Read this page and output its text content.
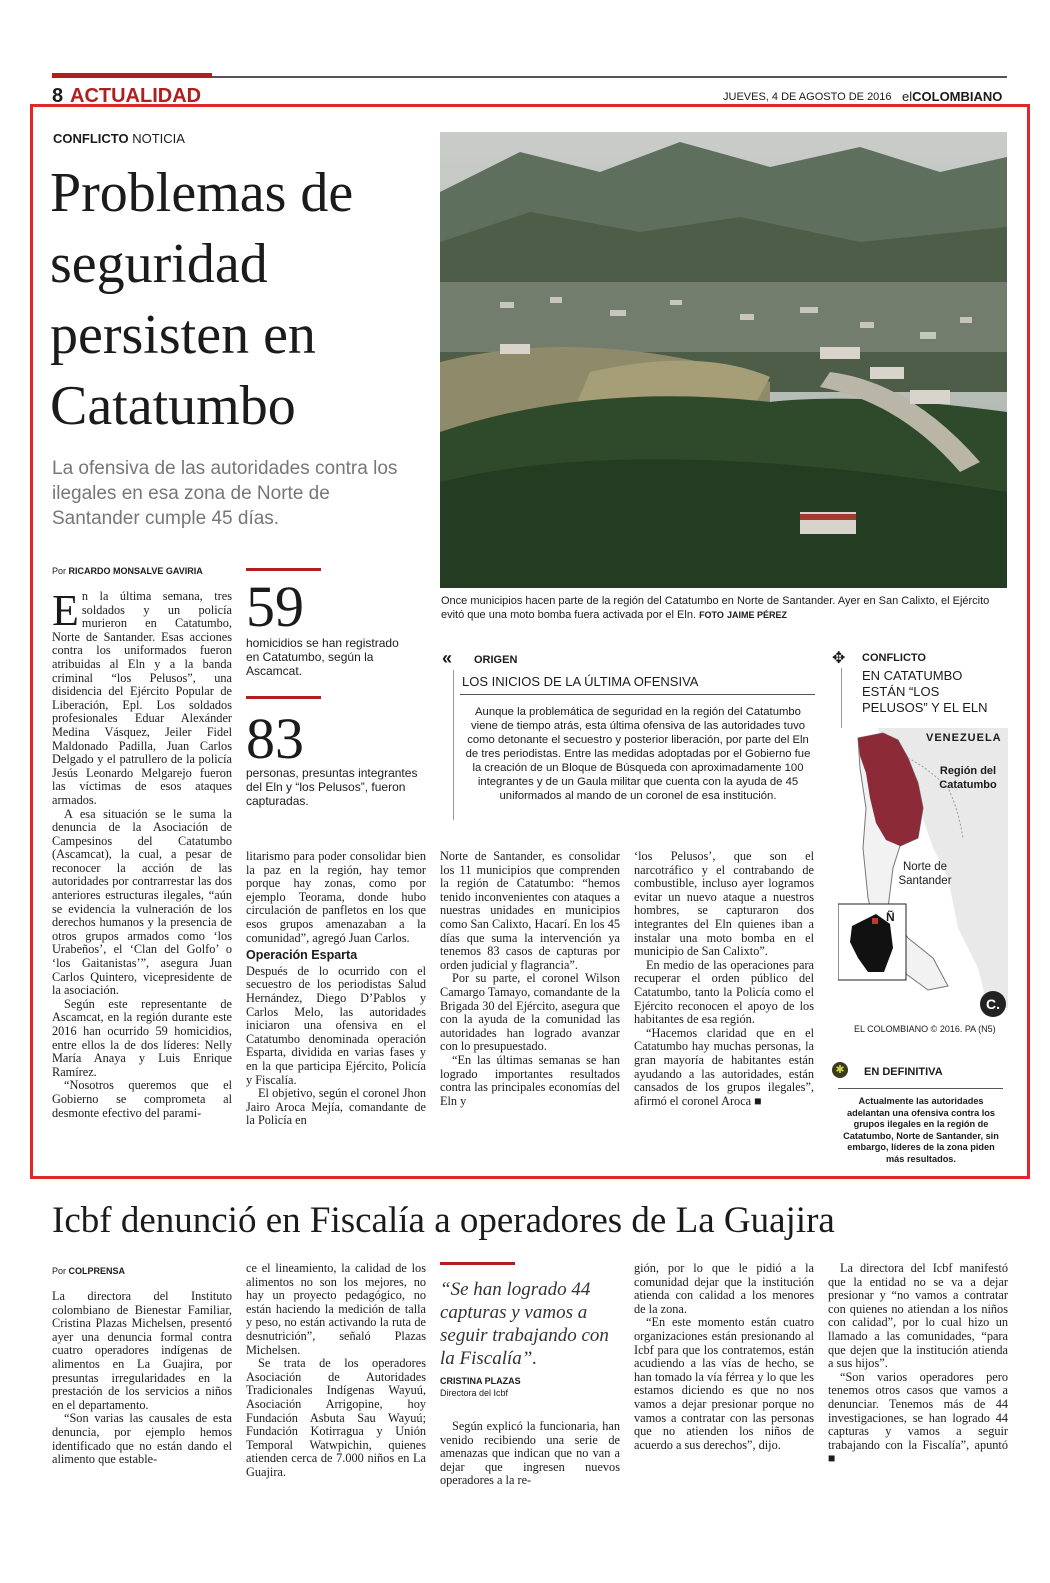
8 ACTUALIDAD	JUEVES, 4 DE AGOSTO DE 2016 elCOLOMBIANO
CONFLICTO NOTICIA
Problemas de seguridad persisten en Catatumbo
La ofensiva de las autoridades contra los ilegales en esa zona de Norte de Santander cumple 45 días.
Por RICARDO MONSALVE GAVIRIA
Once municipios hacen parte de la región del Catatumbo en Norte de Santander. Ayer en San Calixto, el Ejército evitó que una moto bomba fuera activada por el Eln. FOTO JAIME PÉREZ

En la última semana, tres soldados y un policía murieron en Catatumbo, Norte de Santander. Esas acciones contra los uniformados fueron atribuidas al Eln y a la banda criminal “los Pelusos”, una disidencia del Ejército Popular de Liberación, Epl. Los soldados profesionales Eduar Alexánder Medina Vásquez, Jeiler Fidel Maldonado Padilla, Juan Carlos Delgado y el patrullero de la policía Jesús Leonardo Melgarejo fueron las víctimas de esos ataques armados.

A esa situación se le suma la denuncia de la Asociación de Campesinos del Catatumbo (Ascamcat), la cual, a pesar de reconocer la acción de las autoridades por contrarrestar las dos anteriores estructuras ilegales, “aún se evidencia la vulneración de los derechos humanos y la presencia de otros grupos armados como ‘los Urabeños’, el ‘Clan del Golfo’ o ‘los Gaitanistas’”, asegura Juan Carlos Quintero, vicepresidente de la asociación.

Según este representante de Ascamcat, en la región durante este 2016 han ocurrido 59 homicidios, entre ellos la de dos líderes: Nelly María Anaya y Luis Enrique Ramírez.

“Nosotros queremos que el Gobierno se comprometa al desmonte efectivo del parami-

59
homicidios se han registrado en Catatumbo, según la Ascamcat.
83
personas, presuntas integrantes del Eln y “los Pelusos”, fueron capturadas.

litarismo para poder consolidar bien la paz en la región, hay temor porque hay zonas, como por ejemplo Teorama, donde hubo circulación de panfletos en los que esos grupos amenazaban a la comunidad”, agregó Juan Carlos.

Operación Esparta

Después de lo ocurrido con el secuestro de los periodistas Salud Hernández, Diego D’Pablos y Carlos Melo, las autoridades iniciaron una ofensiva en el Catatumbo denominada operación Esparta, dividida en varias fases y en la que participa Ejército, Policía y Fiscalía.

El objetivo, según el coronel Jhon Jairo Aroca Mejía, comandante de la Policía en

Norte de Santander, es consolidar los 11 municipios que comprenden la región de Catatumbo: “hemos tenido inconvenientes con ataques a nuestras unidades en municipios como San Calixto, Hacarí. En los 45 días que suma la intervención ya tenemos 83 casos de capturas por orden judicial y flagrancia”.

Por su parte, el coronel Wilson Camargo Tamayo, comandante de la Brigada 30 del Ejército, asegura que con la ayuda de la comunidad las autoridades han logrado avanzar con lo presupuestado.

“En las últimas semanas se han logrado importantes resultados contra las principales economías del Eln y

‘los Pelusos’, que son el narcotráfico y el contrabando de combustible, incluso ayer logramos evitar un nuevo ataque a nuestros hombres, se capturaron dos integrantes del Eln quienes iban a instalar una moto bomba en el municipio de San Calixto”.

En medio de las operaciones para recuperar el orden público del Catatumbo, tanto la Policía como el Ejército reconocen el apoyo de los habitantes de esa región.

“Hacemos claridad que en el Catatumbo hay muchas personas, la gran mayoría de habitantes están ayudando a las autoridades, están cansados de los grupos ilegales”, afirmó el coronel Aroca ■

« ORIGEN
LOS INICIOS DE LA ÚLTIMA OFENSIVA
Aunque la problemática de seguridad en la región del Catatumbo viene de tiempo atrás, esta última ofensiva de las autoridades tuvo como detonante el secuestro y posterior liberación, por parte del Eln de tres periodistas. Entre las medidas adoptadas por el Gobierno fue la creación de un Bloque de Búsqueda con aproximadamente 100 integrantes y de un Gaula militar que cuenta con la ayuda de 45 uniformados al mando de un coronel de esa institución.
✥ CONFLICTO
EN CATATUMBO ESTÁN “LOS PELUSOS” Y EL ELN
VENEZUELA
Región del Catatumbo
Norte de Santander
Ñ
C.
EL COLOMBIANO © 2016. PA (N5)
✱	EN DEFINITIVA
Actualmente las autoridades adelantan una ofensiva contra los grupos ilegales en la región de Catatumbo, Norte de Santander, sin embargo, líderes de la zona piden más resultados.
Icbf denunció en Fiscalía a operadores de La Guajira
Por COLPRENSA

La directora del Instituto colombiano de Bienestar Familiar, Cristina Plazas Michelsen, presentó ayer una denuncia formal contra cuatro operadores indígenas de alimentos en La Guajira, por presuntas irregularidades en la prestación de los servicios a niños en el departamento.

“Son varias las causales de esta denuncia, por ejemplo hemos identificado que no están dando el alimento que estable-

ce el lineamiento, la calidad de los alimentos no son los mejores, no hay un proyecto pedagógico, no están haciendo la medición de talla y peso, no están activando la ruta de desnutrición”, señaló Plazas Michelsen.

Se trata de los operadores Asociación de Autoridades Tradicionales Indígenas Wayuú, Asociación Arrigopine, hoy Fundación Asbuta Sau Wayuú; Fundación Kotirragua y Unión Temporal Watwpichin, quienes atienden cerca de 7.000 niños en La Guajira.

“Se han logrado 44 capturas y vamos a seguir trabajando con la Fiscalía”.
CRISTINA PLAZAS
Directora del Icbf

Según explicó la funcionaria, han venido recibiendo una serie de amenazas que indican que no van a dejar que ingresen nuevos operadores a la re-

gión, por lo que le pidió a la comunidad dejar que la institución atienda con calidad a los menores de la zona.

“En este momento están cuatro organizaciones están presionando al Icbf para que los contratemos, están acudiendo a las vías de hecho, se han tomado la vía férrea y lo que les estamos diciendo es que no nos vamos a dejar presionar porque no vamos a contratar con las personas que no atienden los niños de acuerdo a sus derechos”, dijo.

La directora del Icbf manifestó que la entidad no se va a dejar presionar y “no vamos a contratar con quienes no atiendan a los niños con calidad”, por lo cual hizo un llamado a las comunidades, “para que dejen que la institución atienda a sus hijos”.

“Son varios operadores pero tenemos otros casos que vamos a denunciar. Tenemos más de 44 investigaciones, se han logrado 44 capturas y vamos a seguir trabajando con la Fiscalía”, apuntó ■
